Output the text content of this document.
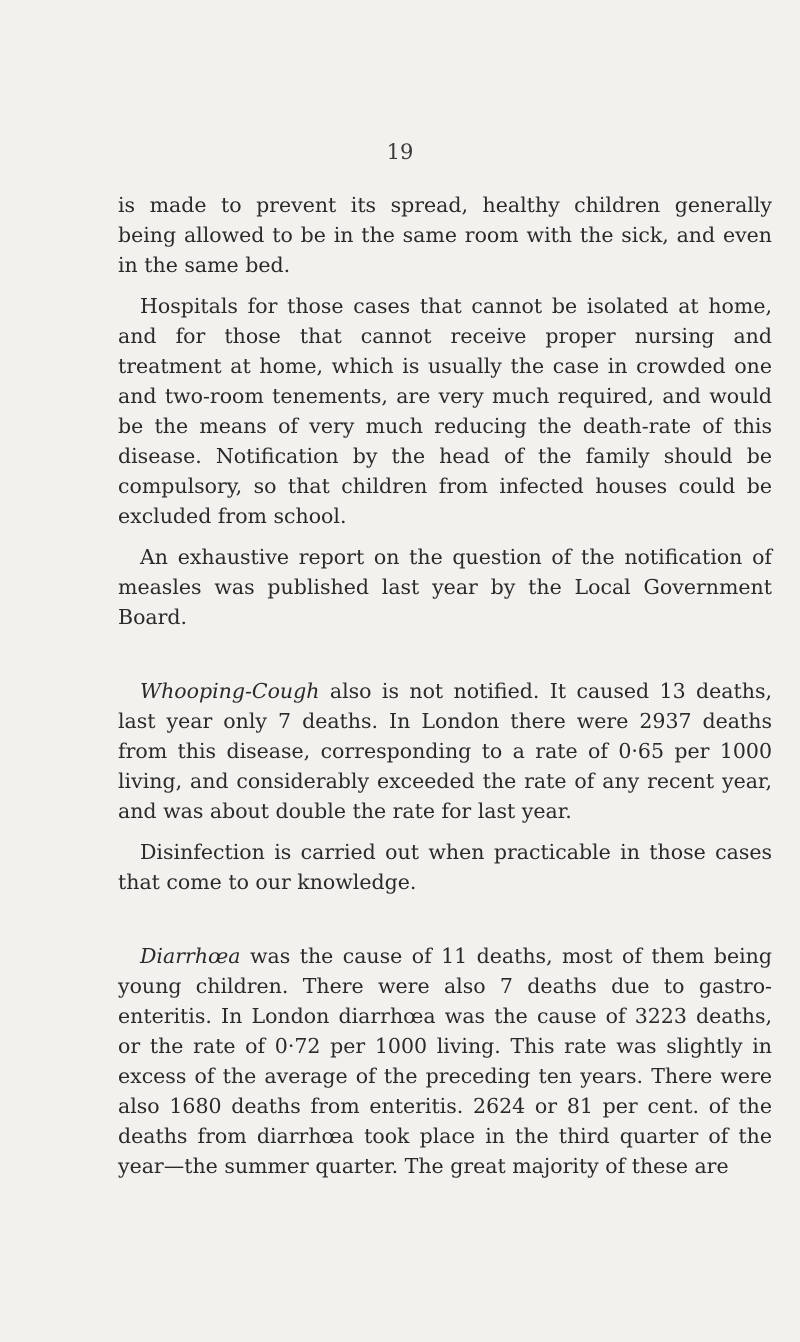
19

is made to prevent its spread, healthy children generally being allowed to be in the same room with the sick, and even in the same bed.

Hospitals for those cases that cannot be isolated at home, and for those that cannot receive proper nursing and treatment at home, which is usually the case in crowded one and two-room tenements, are very much required, and would be the means of very much reducing the death-rate of this disease. Notification by the head of the family should be compulsory, so that children from infected houses could be excluded from school.

An exhaustive report on the question of the notification of measles was published last year by the Local Government Board.

Whooping-Cough also is not notified. It caused 13 deaths, last year only 7 deaths. In London there were 2937 deaths from this disease, corresponding to a rate of 0·65 per 1000 living, and considerably exceeded the rate of any recent year, and was about double the rate for last year.

Disinfection is carried out when practicable in those cases that come to our knowledge.

Diarrhœa was the cause of 11 deaths, most of them being young children. There were also 7 deaths due to gastro-enteritis. In London diarrhœa was the cause of 3223 deaths, or the rate of 0·72 per 1000 living. This rate was slightly in excess of the average of the preceding ten years. There were also 1680 deaths from enteritis. 2624 or 81 per cent. of the deaths from diarrhœa took place in the third quarter of the year—the summer quarter. The great majority of these are
